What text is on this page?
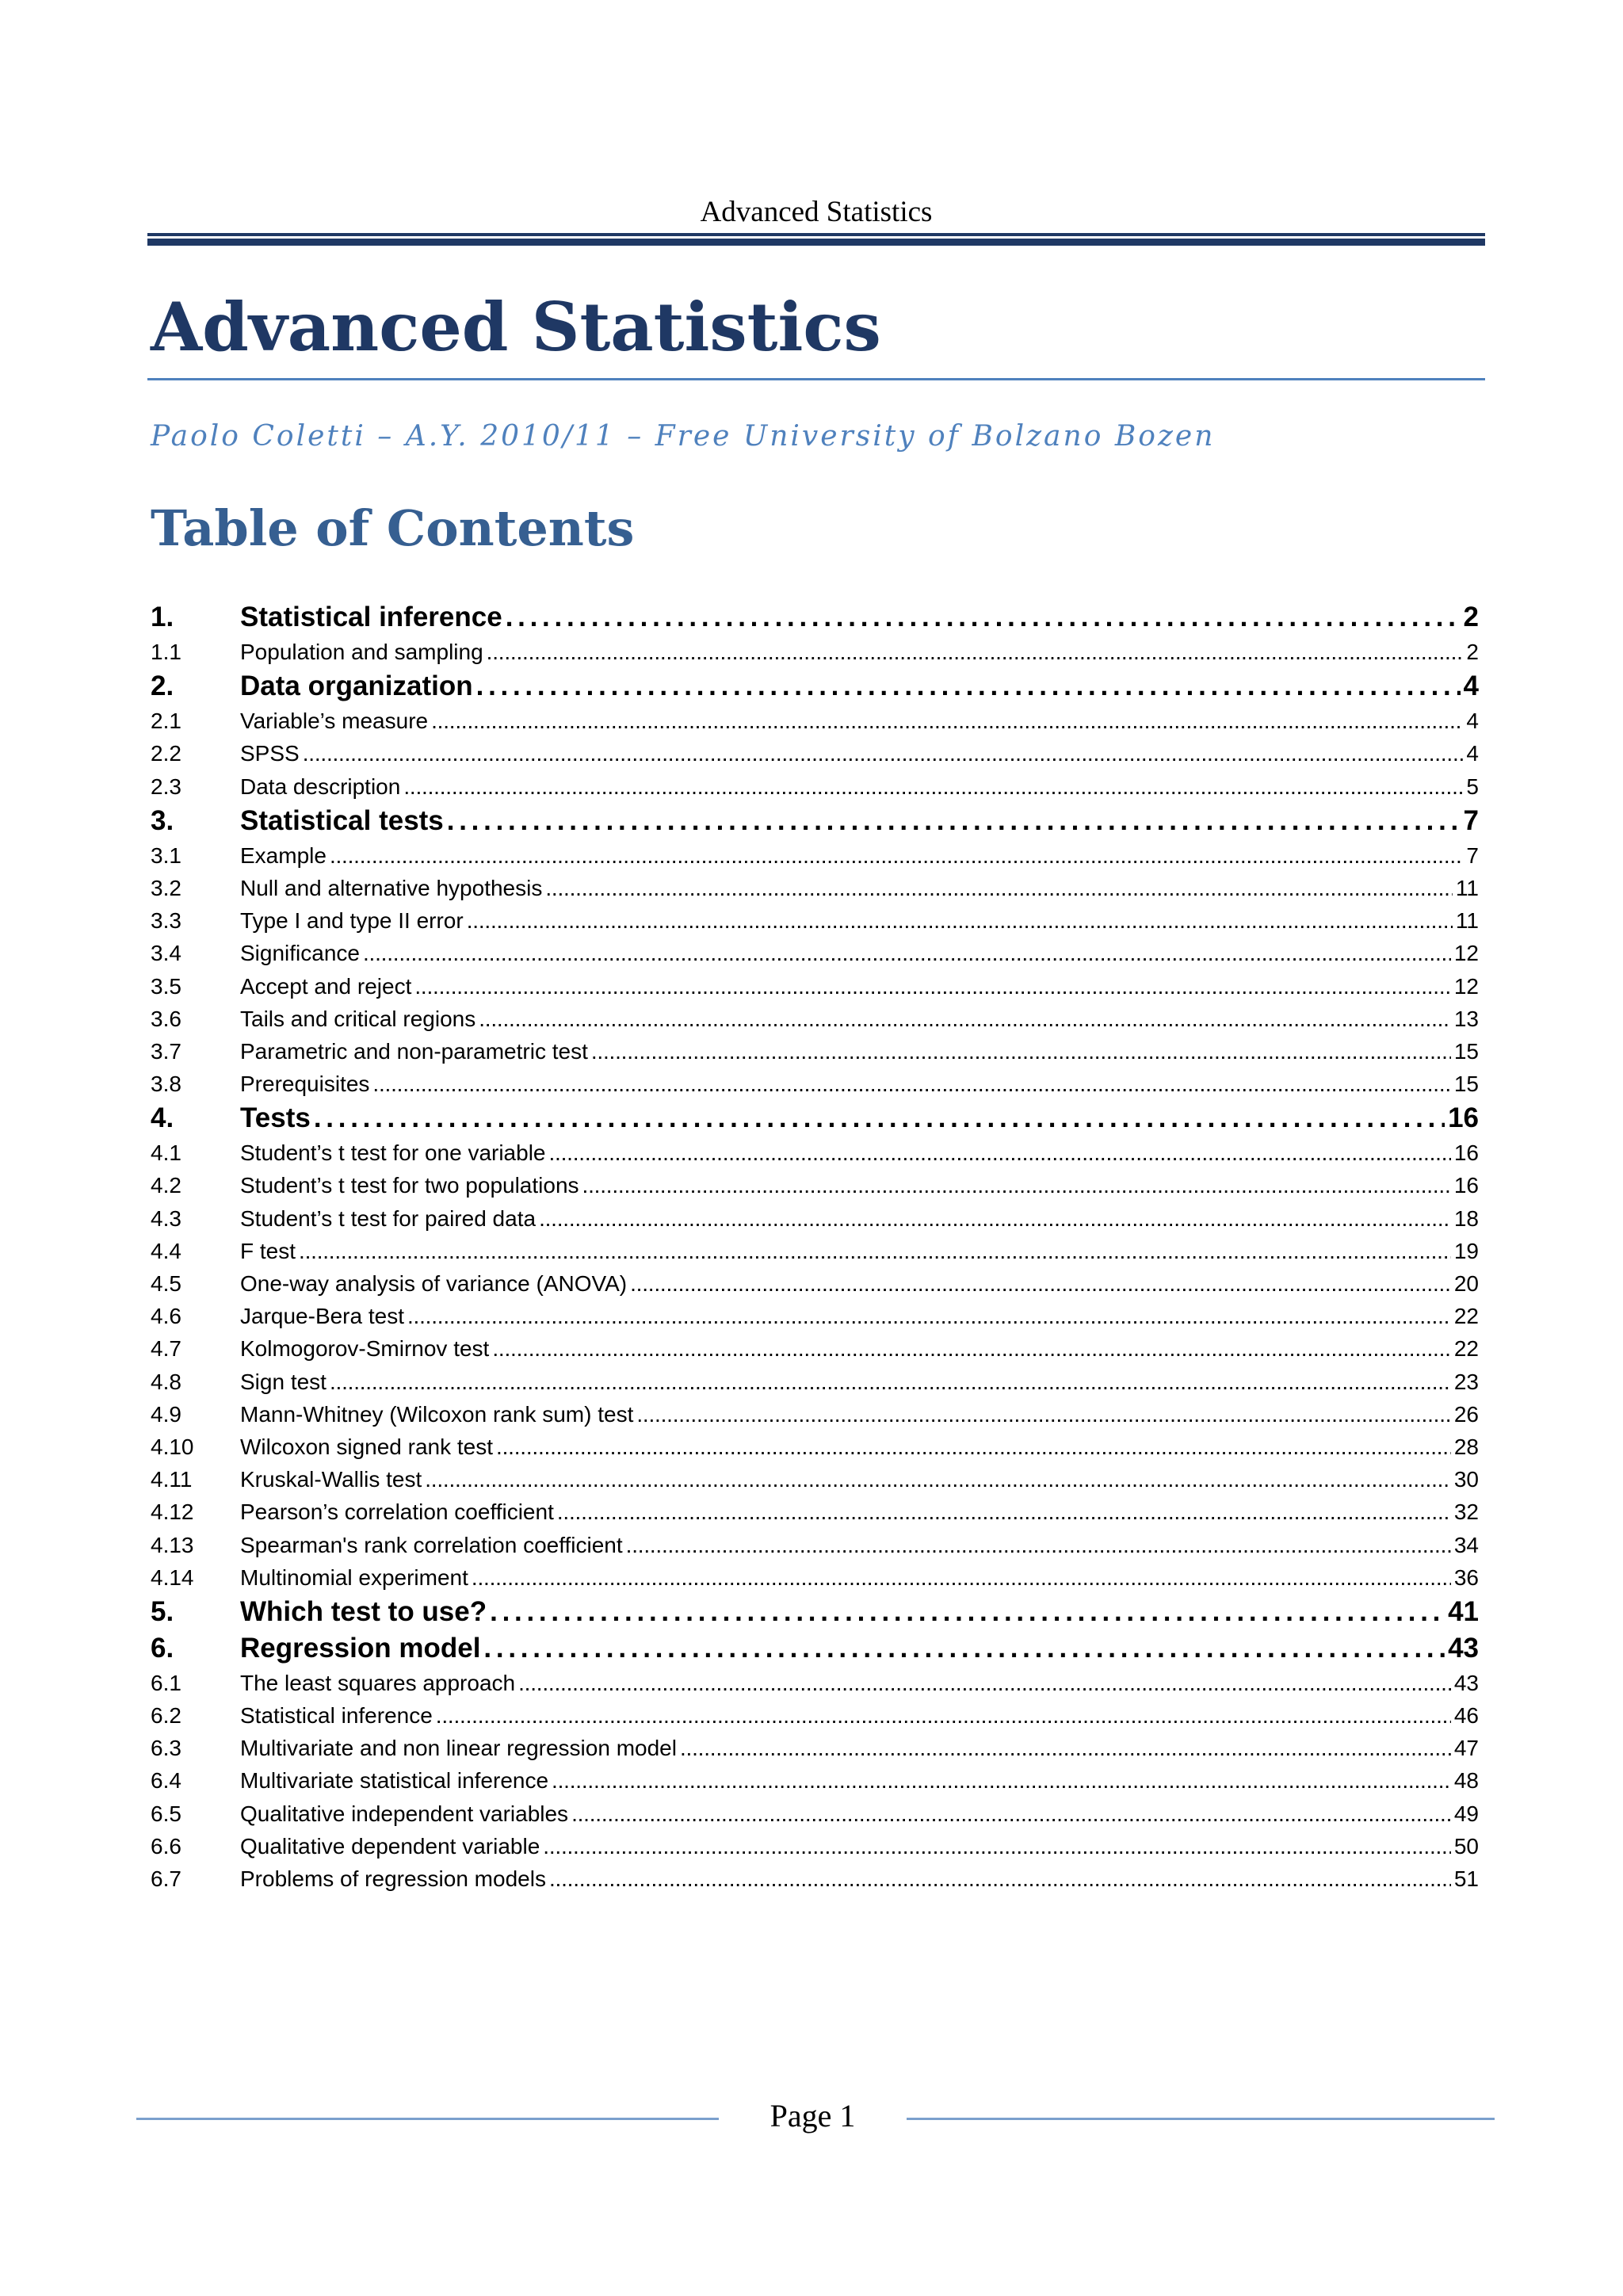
Advanced Statistics
Advanced Statistics
Paolo Coletti – A.Y. 2010/11 – Free University of Bolzano Bozen
Table of Contents
1.	Statistical inference . . .	2
1.1	Population and sampling . . .	2
2.	Data organization . . .	4
2.1	Variable’s measure . . .	4
2.2	SPSS . . .	4
2.3	Data description . . .	5
3.	Statistical tests . . .	7
3.1	Example . . .	7
3.2	Null and alternative hypothesis . . .	11
3.3	Type I and type II error . . .	11
3.4	Significance . . .	12
3.5	Accept and reject . . .	12
3.6	Tails and critical regions . . .	13
3.7	Parametric and non-parametric test . . .	15
3.8	Prerequisites . . .	15
4.	Tests . . .	16
4.1	Student’s t test for one variable . . .	16
4.2	Student’s t test for two populations . . .	16
4.3	Student’s t test for paired data . . .	18
4.4	F test . . .	19
4.5	One-way analysis of variance (ANOVA) . . .	20
4.6	Jarque-Bera test . . .	22
4.7	Kolmogorov-Smirnov test . . .	22
4.8	Sign test . . .	23
4.9	Mann-Whitney (Wilcoxon rank sum) test . . .	26
4.10	Wilcoxon signed rank test . . .	28
4.11	Kruskal-Wallis test . . .	30
4.12	Pearson’s correlation coefficient . . .	32
4.13	Spearman's rank correlation coefficient . . .	34
4.14	Multinomial experiment . . .	36
5.	Which test to use? . . .	41
6.	Regression model . . .	43
6.1	The least squares approach . . .	43
6.2	Statistical inference . . .	46
6.3	Multivariate and non linear regression model . . .	47
6.4	Multivariate statistical inference . . .	48
6.5	Qualitative independent variables . . .	49
6.6	Qualitative dependent variable . . .	50
6.7	Problems of regression models . . .	51
Page 1
